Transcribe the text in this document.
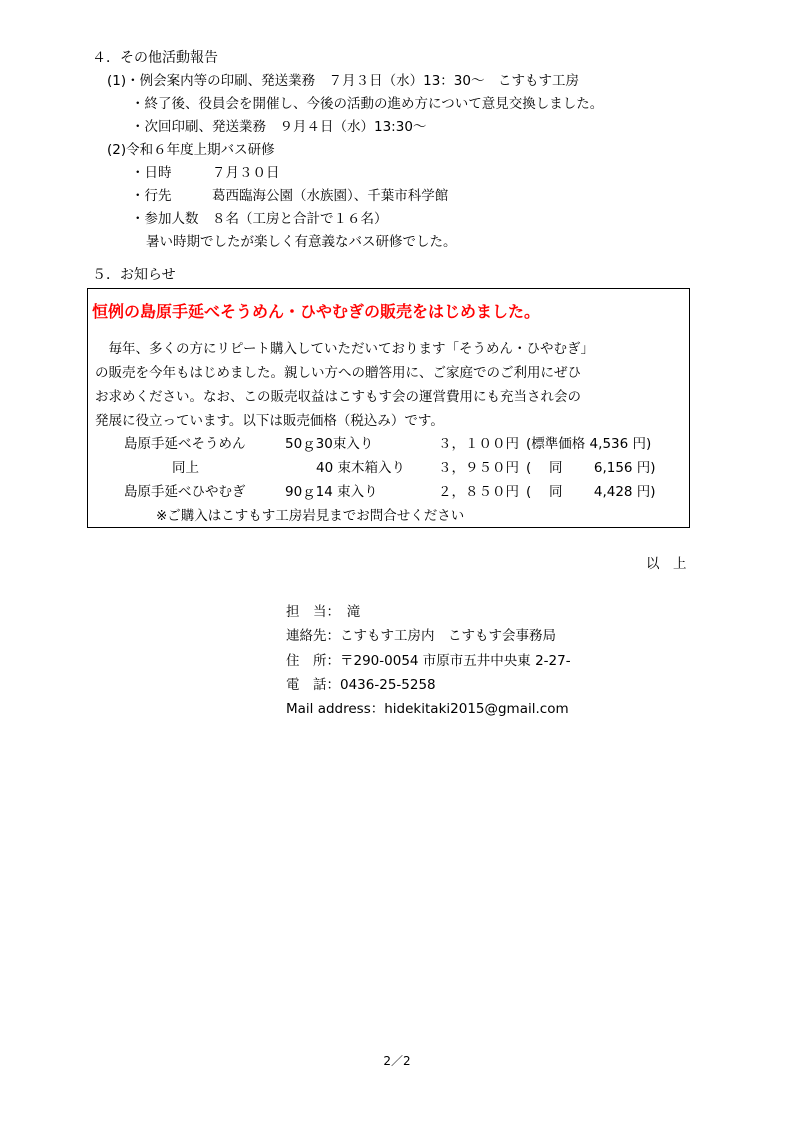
４．その他活動報告
(1)・例会案内等の印刷、発送業務　７月３日（水）13：30～　こすもす工房
・終了後、役員会を開催し、今後の活動の進め方について意見交換しました。
・次回印刷、発送業務　９月４日（水）13:30～
(2)令和６年度上期バス研修
・日時　　　７月３０日
・行先　　　葛西臨海公園（水族園）、千葉市科学館
・参加人数　８名（工房と合計で１６名）
暑い時期でしたが楽しく有意義なバス研修でした。
５．お知らせ
恒例の島原手延べそうめん・ひやむぎの販売をはじめました。
　毎年、多くの方にリピート購入していただいております「そうめん・ひやむぎ」
の販売を今年もはじめました。親しい方への贈答用に、ご家庭でのご利用にぜひ
お求めください。なお、この販売収益はこすもす会の運営費用にも充当され会の
発展に役立っています。以下は販売価格（税込み）です。
島原手延べそうめん	50ｇ30束入り	３，１００円 (標準価格 4,536 円)
同上	40 束木箱入り ３，９５０円 (　 同　　 6,156 円)
島原手延べひやむぎ	90ｇ14 束入り	２，８５０円 (　 同　　 4,428 円)
※ご購入はこすもす工房岩見までお問合せください
以　上
担　当：　滝
連絡先：こすもす工房内　こすもす会事務局
住　所：〒290-0054 市原市五井中央東 2-27-
電　話：0436-25-5258
Mail address：hidekitaki2015@gmail.com
2／2
